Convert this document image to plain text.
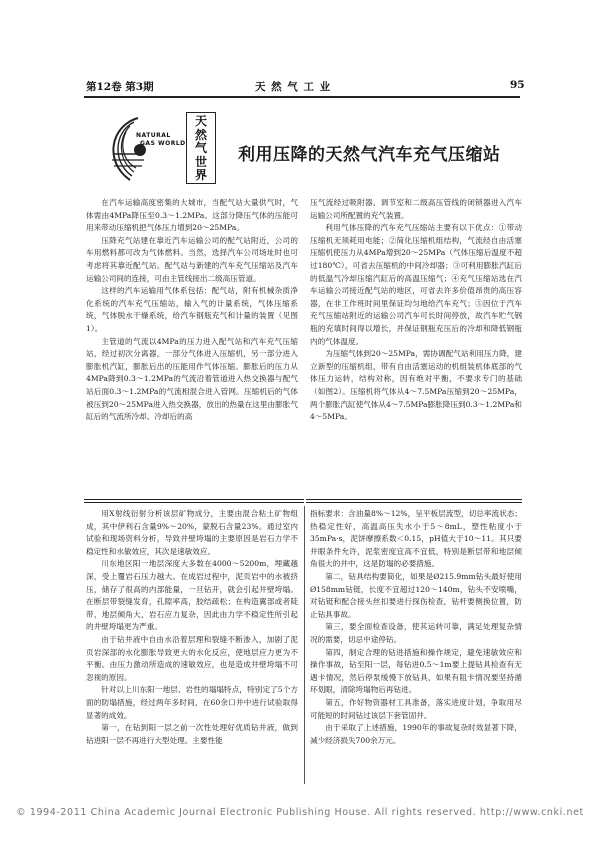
第12卷 第3期	天 然 气 工 业	95
NATURAL
GAS WORLD
天
然
气
世
界
利用压降的天然气汽车充气压缩站

在汽车运输高度密集的大城市，当配气站大量供气时，气体需由4MPa降压至0.3～1.2MPa。这部分降压气体的压能可用来带动压缩机把气体压力增到20～25MPa。

压降充气站建在靠近汽车运输公司的配气站附近，公司的车用燃料都可改为气体燃料。当然，选择汽车公司场址时也可考虑将其靠近配气站。配气站与新建的汽车充气压缩站及汽车运输公司间的连接，可由主管线接出二级高压管道。

这样的汽车运输用气体系包括：配气站，附有机械杂质净化系统的汽车充气压缩站，输入气的计量系统，气体压缩系统，气体脱水干燥系统，给汽车钢瓶充气和计量的装置（见图1）。

主管道的气流以4MPa的压力进入配气站和汽车充气压缩站，经过初次分离器，一部分气体进入压缩机，另一部分进入膨胀机汽缸，膨胀后出的压能用作气体压缩。膨胀后的压力从4MPa降到0.3～1.2MPa的气流沿着管道进入热交换器与配气站后面0.3～1.2MPa的气流相混合进入管网。压缩机后的气体被压到20～25MPa进入热交换器，放出的热量在这里由膨胀气缸后的气流所冷却。冷却后的高

压气流经过吸附器、调节室和二级高压管线的闭锁器进入汽车运输公司所配置的充气装置。

利用气体压降的汽车充气压缩站主要有以下优点：①带动压缩机无须耗用电能；②简化压缩机组结构，气流经自由活塞压缩机使压力从4MPa增到20～25MPa（气体压缩后温度不超过180℃），可省去压缩机的中间冷却器；③可利用膨胀汽缸后的低温气冷却压缩汽缸后的高温压缩气；④充气压缩站选在汽车运输公司接近配气站的地区，可省去许多价值昂贵的高压容器，在非工作班时间里保证均匀地给汽车充气；⑤因位于汽车充气压缩站附近的运输公司汽车可长时间停放，故汽车贮气钢瓶的充填时间得以增长，并保证钢瓶充压后的冷却和降低钢瓶内的气体温度。

为压缩气体到20～25MPa，需协调配气站利用压力降，建立新型的压缩机组，带有自由活塞运动的机组装机体底部的气体压力运转，结构对称，因有绝对平衡，不要求专门的基础（如图2）。压缩机将气体从4～7.5MPa压缩到20～25MPa，两个膨胀汽缸使气体从4～7.5MPa膨胀降压到0.3～1.2MPa和4～5MPa。

用X射线衍射分析该层矿物成分，主要由混合粘土矿物组成，其中伊利石含量9%～20%，蒙脱石含量23%。通过室内试验和现场资料分析，导致井壁垮塌的主要原因是岩石力学不稳定性和水敏效应，其次是速敏效应。

川东地区阳一地层深度大多数在4000～5200m，埋藏越深，受上覆岩石压力越大。在成岩过程中，泥页岩中的水被挤压，储存了很高的内部能量，一旦钻开，就会引起井壁垮塌。在断层带裂缝发育，孔隙率高，胶结疏松；在构造翼部或者陡带，地层倾角大，岩石应力复杂，因此由力学不稳定性所引起的井壁垮塌更为严重。

由于钻井液中自由水沿着层理和裂缝不断渗入，加剧了泥页岩深部的水化膨胀导致更大的水化反应，使地层应力更为不平衡。由压力激动所造成的速敏效应，也是造成井壁垮塌不可忽视的原因。

针对以上川东阳一地层、岩性的塌塌特点，特别定了5个方面的防塌措施，经过两年多时间，在60余口井中进行试验取得显著的成效。

第一，在钻到阳一层之前一次性处理好优质钻井液，做到钻进阳一层不再进行大型处理。主要性能

指标要求：含油量8%～12%，呈平板层流型，切总率流状态；热稳定性好，高温高压失水小于5～8mL，塑性粘度小于35mPa·s，泥饼摩擦系数＜0.15，pH值大于10～11。其只要井眼条件允许，泥浆密度宜高不宜低，特别是断层带和地层倾角很大的井中，这是防塌的必要措施。

第二，钻具结构要简化，如果是Ø215.9mm钻头最好使用Ø158mm钻铤，长度不宜超过120～140m，钻头不安喷嘴，对钻铤和配合接头丝扣要进行探伤检查，钻杆要侧换位置，防止钻具事故。

第三，要全面检查设备，使其运转可靠，满足处理复杂情况的需要，切忌中途停钻。

第四，制定合理的钻进措施和操作规定，避免速敏效应和操作事故，钻至阳一层，每钻进0.5～1m要上提钻具检查有无遇卡情况，然后停泵缓慢下放钻具，如果有阻卡情况要坚持循环划眼，清除垮塌物后再钻进。

第五，作好物资器材工具准备，落实进度计划，争取用尽可能短的时间钻过该层下套管固井。

由于采取了上述措施，1990年的事故复杂时效显著下降，减少经济损失700余万元。

© 1994-2011 China Academic Journal Electronic Publishing House. All rights reserved. http://www.cnki.net
